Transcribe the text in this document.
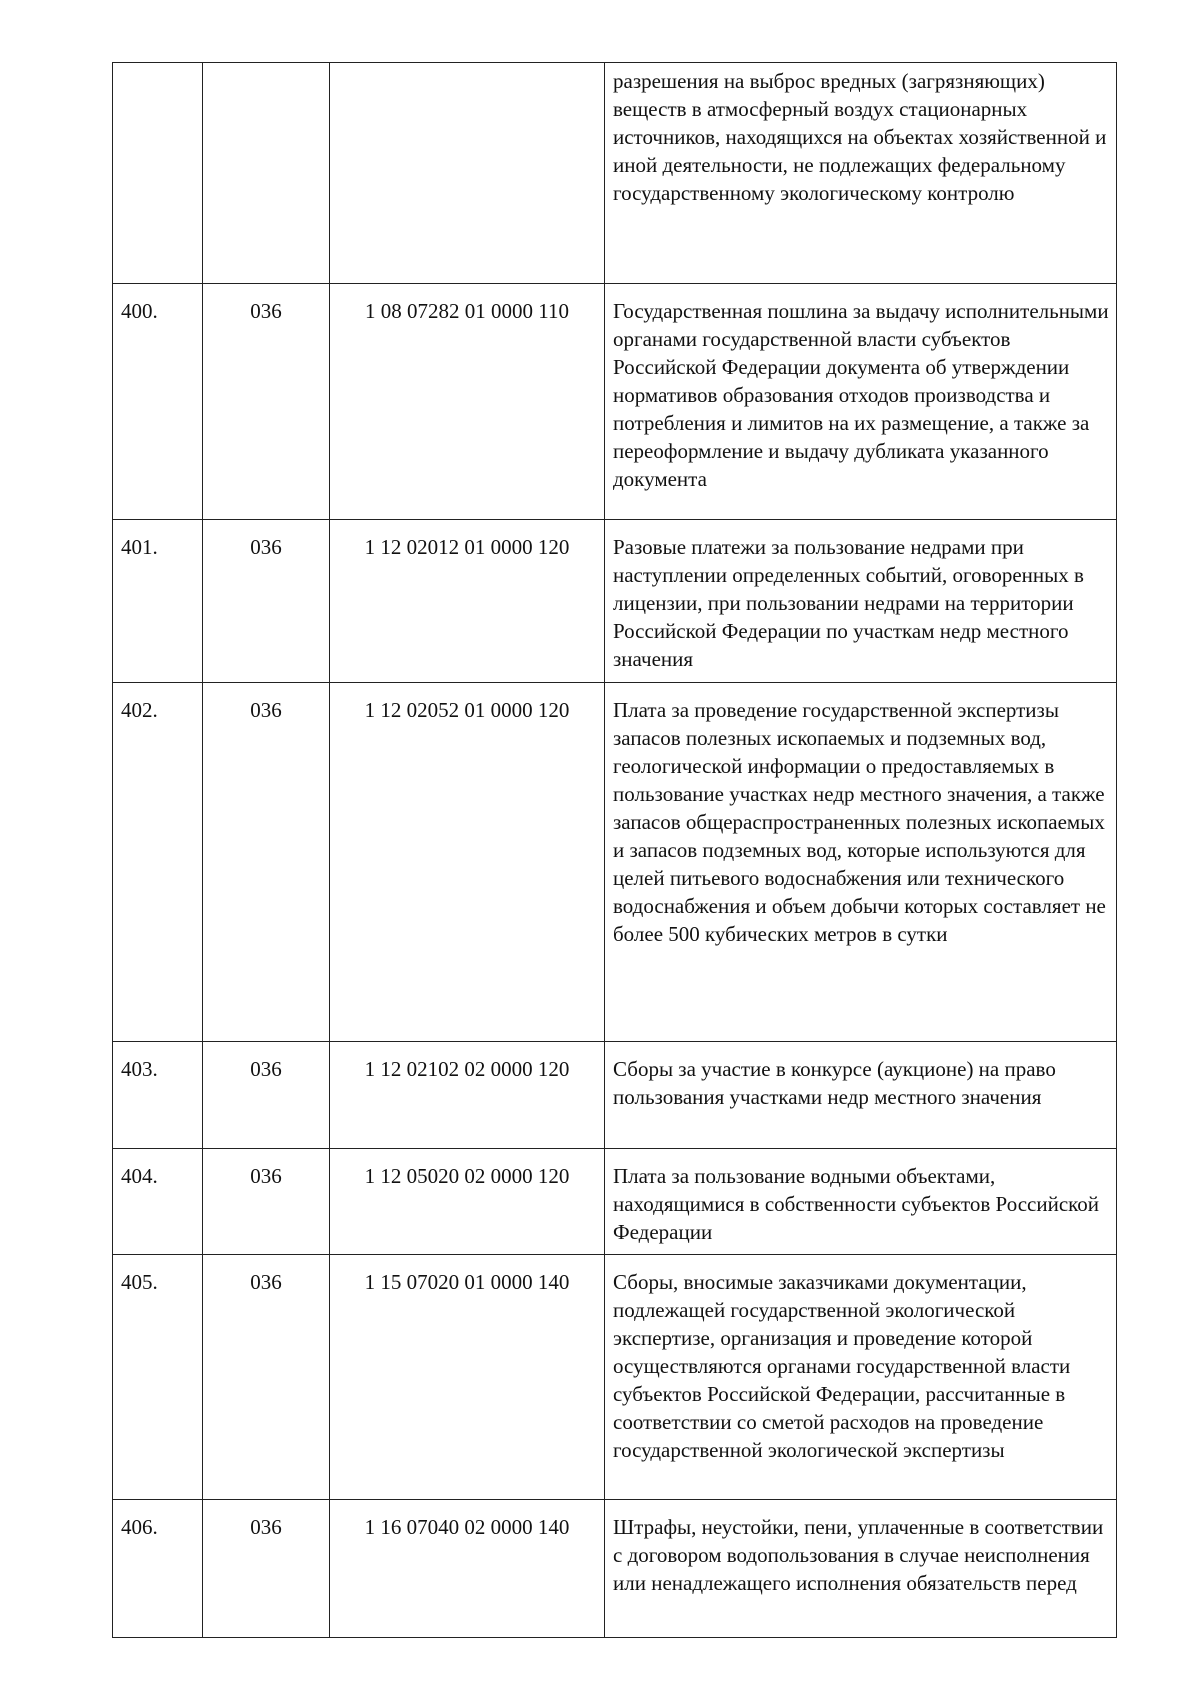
			разрешения на выброс вредных (загрязняющих) веществ в атмосферный воздух стационарных источников, находящихся на объектах хозяйственной и иной деятельности, не подлежащих федеральному государственному экологическому контролю
400.	036	1 08 07282 01 0000 110	Государственная пошлина за выдачу исполнительными органами государственной власти субъектов Российской Федерации документа об утверждении нормативов образования отходов производства и потребления и лимитов на их размещение, а также за переоформление и выдачу дубликата указанного документа
401.	036	1 12 02012 01 0000 120	Разовые платежи за пользование недрами при наступлении определенных событий, оговоренных в лицензии, при пользовании недрами на территории Российской Федерации по участкам недр местного значения
402.	036	1 12 02052 01 0000 120	Плата за проведение государственной экспертизы запасов полезных ископаемых и подземных вод, геологической информации о предоставляемых в пользование участках недр местного значения, а также запасов общераспространенных полезных ископаемых и запасов подземных вод, которые используются для целей питьевого водоснабжения или технического водоснабжения и объем добычи которых составляет не более 500 кубических метров в сутки
403.	036	1 12 02102 02 0000 120	Сборы за участие в конкурсе (аукционе) на право пользования участками недр местного значения
404.	036	1 12 05020 02 0000 120	Плата за пользование водными объектами, находящимися в собственности субъектов Российской Федерации
405.	036	1 15 07020 01 0000 140	Сборы, вносимые заказчиками документации, подлежащей государственной экологической экспертизе, организация и проведение которой осуществляются органами государственной власти субъектов Российской Федерации, рассчитанные в соответствии со сметой расходов на проведение государственной экологической экспертизы
406.	036	1 16 07040 02 0000 140	Штрафы, неустойки, пени, уплаченные в соответствии с договором водопользования в случае неисполнения или ненадлежащего исполнения обязательств перед
